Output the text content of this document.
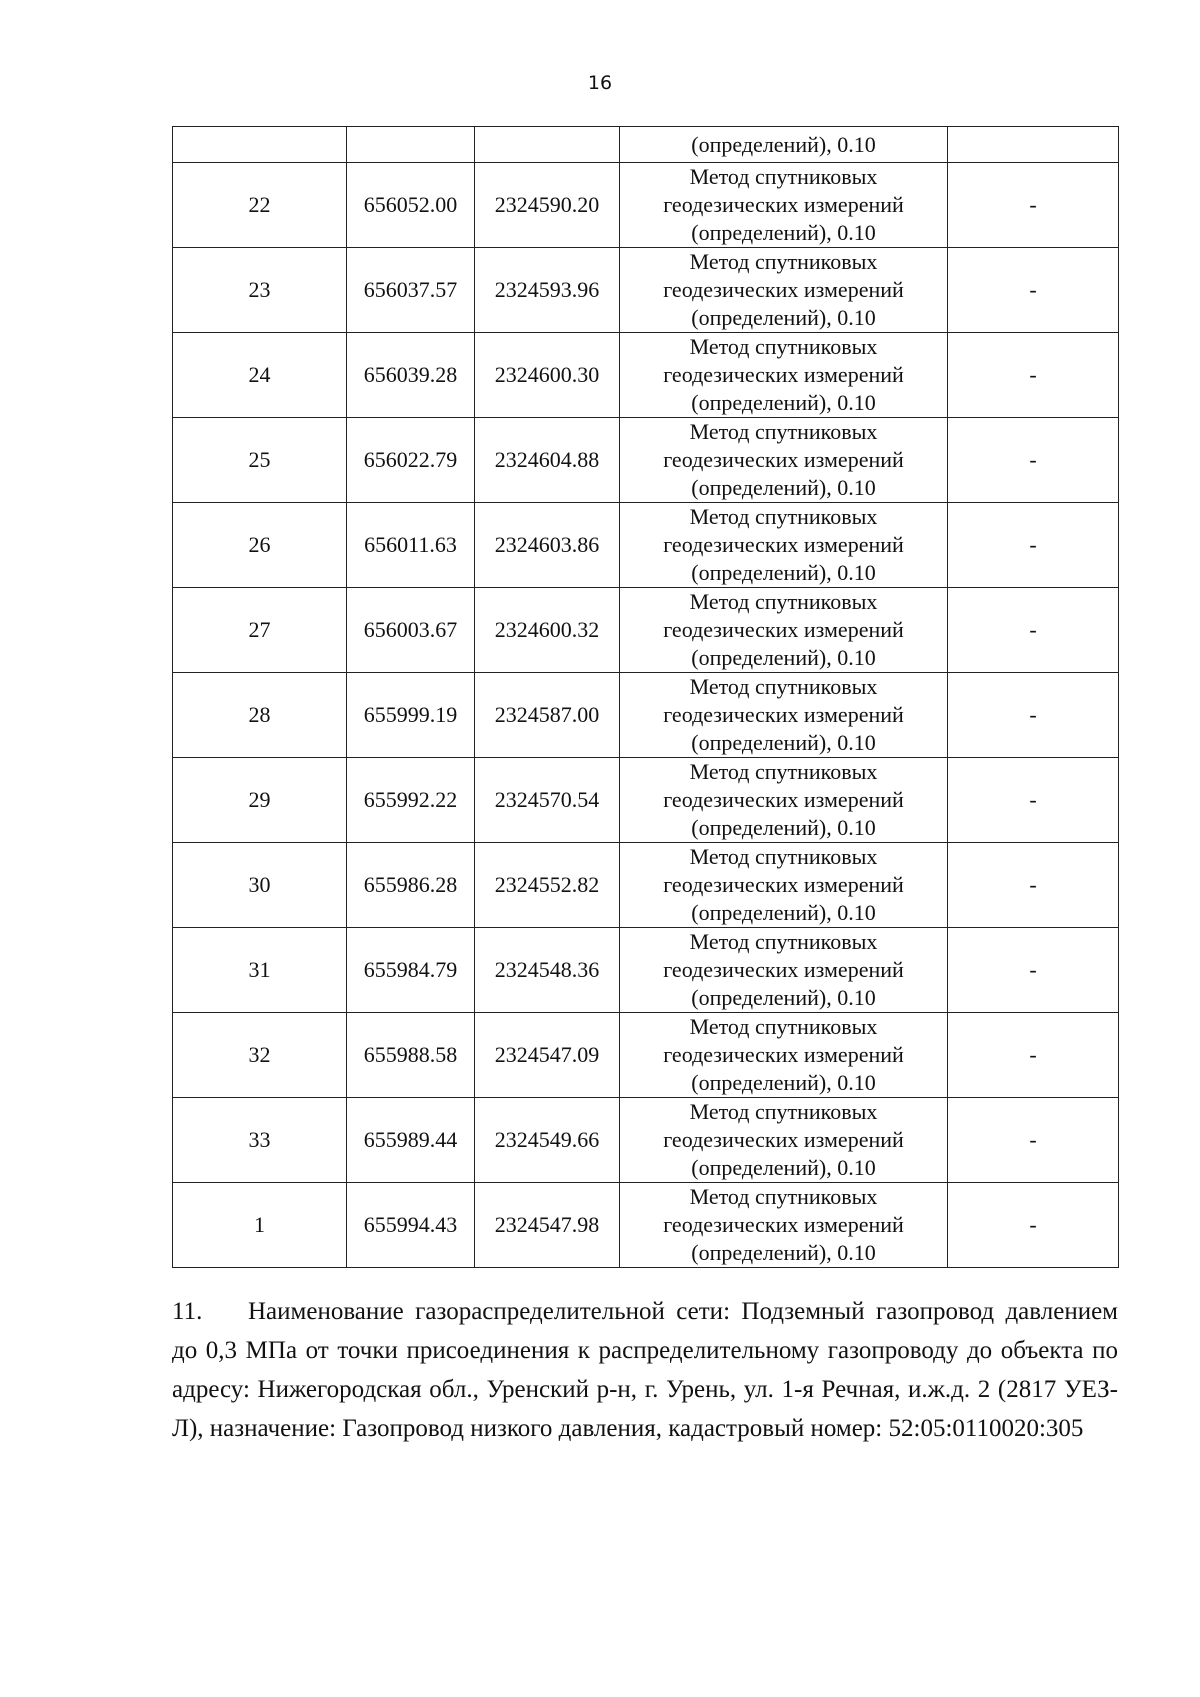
16
			(определений), 0.10	
22	656052.00	2324590.20	Метод спутниковых
геодезических измерений
(определений), 0.10	-
23	656037.57	2324593.96	Метод спутниковых
геодезических измерений
(определений), 0.10	-
24	656039.28	2324600.30	Метод спутниковых
геодезических измерений
(определений), 0.10	-
25	656022.79	2324604.88	Метод спутниковых
геодезических измерений
(определений), 0.10	-
26	656011.63	2324603.86	Метод спутниковых
геодезических измерений
(определений), 0.10	-
27	656003.67	2324600.32	Метод спутниковых
геодезических измерений
(определений), 0.10	-
28	655999.19	2324587.00	Метод спутниковых
геодезических измерений
(определений), 0.10	-
29	655992.22	2324570.54	Метод спутниковых
геодезических измерений
(определений), 0.10	-
30	655986.28	2324552.82	Метод спутниковых
геодезических измерений
(определений), 0.10	-
31	655984.79	2324548.36	Метод спутниковых
геодезических измерений
(определений), 0.10	-
32	655988.58	2324547.09	Метод спутниковых
геодезических измерений
(определений), 0.10	-
33	655989.44	2324549.66	Метод спутниковых
геодезических измерений
(определений), 0.10	-
1	655994.43	2324547.98	Метод спутниковых
геодезических измерений
(определений), 0.10	-
11. Наименование газораспределительной сети: Подземный газопровод давлением до 0,3 МПа от точки присоединения к распределительному газопроводу до объекта по адресу: Нижегородская обл., Уренский р-н, г. Урень, ул. 1-я Речная, и.ж.д. 2 (2817 УЕЗ-Л), назначение: Газопровод низкого давления, кадастровый номер: 52:05:0110020:305
